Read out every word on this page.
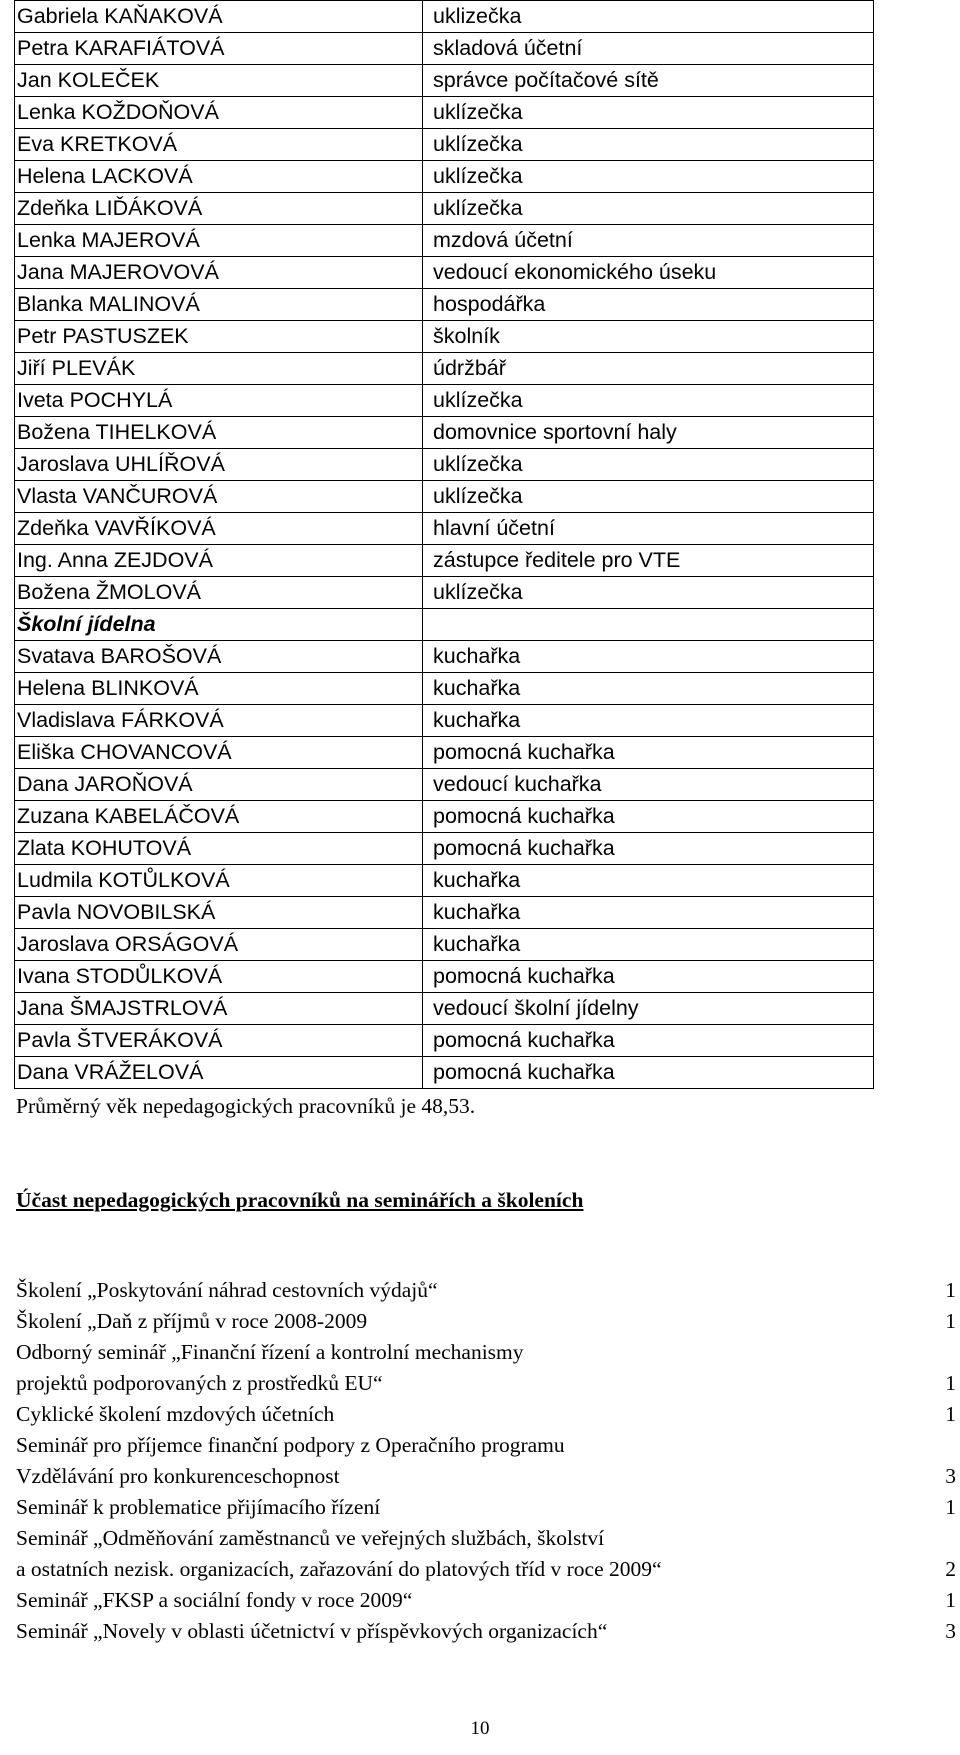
Gabriela KAŇAKOVÁ	uklizečka
Petra KARAFIÁTOVÁ	skladová účetní
Jan KOLEČEK	správce počítačové sítě
Lenka KOŽDOŇOVÁ	uklízečka
Eva KRETKOVÁ	uklízečka
Helena LACKOVÁ	uklízečka
Zdeňka LIĎÁKOVÁ	uklízečka
Lenka MAJEROVÁ	mzdová účetní
Jana MAJEROVOVÁ	vedoucí ekonomického úseku
Blanka MALINOVÁ	hospodářka
Petr PASTUSZEK	školník
Jiří PLEVÁK	údržbář
Iveta POCHYLÁ	uklízečka
Božena TIHELKOVÁ	domovnice sportovní haly
Jaroslava UHLÍŘOVÁ	uklízečka
Vlasta VANČUROVÁ	uklízečka
Zdeňka VAVŘÍKOVÁ	hlavní účetní
Ing. Anna ZEJDOVÁ	zástupce ředitele pro VTE
Božena ŽMOLOVÁ	uklízečka
Školní jídelna	
Svatava BAROŠOVÁ	kuchařka
Helena BLINKOVÁ	kuchařka
Vladislava FÁRKOVÁ	kuchařka
Eliška CHOVANCOVÁ	pomocná kuchařka
Dana JAROŇOVÁ	vedoucí kuchařka
Zuzana KABELÁČOVÁ	pomocná kuchařka
Zlata KOHUTOVÁ	pomocná kuchařka
Ludmila KOTŮLKOVÁ	kuchařka
Pavla NOVOBILSKÁ	kuchařka
Jaroslava ORSÁGOVÁ	kuchařka
Ivana STODŮLKOVÁ	pomocná kuchařka
Jana ŠMAJSTRLOVÁ	vedoucí školní jídelny
Pavla ŠTVERÁKOVÁ	pomocná kuchařka
Dana VRÁŽELOVÁ	pomocná kuchařka
Průměrný věk nepedagogických pracovníků je 48,53.
Účast nepedagogických pracovníků na seminářích a školeních
Školení „Poskytování náhrad cestovních výdajů“	1
Školení „Daň z příjmů v roce 2008-2009	1
Odborný seminář „Finanční řízení a kontrolní mechanismy
projektů podporovaných z prostředků EU“	1
Cyklické školení mzdových účetních	1
Seminář pro příjemce finanční podpory z Operačního programu
Vzdělávání pro konkurenceschopnost	3
Seminář k problematice přijímacího řízení	1
Seminář „Odměňování zaměstnanců ve veřejných službách, školství
a ostatních nezisk. organizacích, zařazování do platových tříd v roce 2009“	2
Seminář „FKSP a sociální fondy v roce 2009“	1
Seminář „Novely v oblasti účetnictví v příspěvkových organizacích“	3
10
